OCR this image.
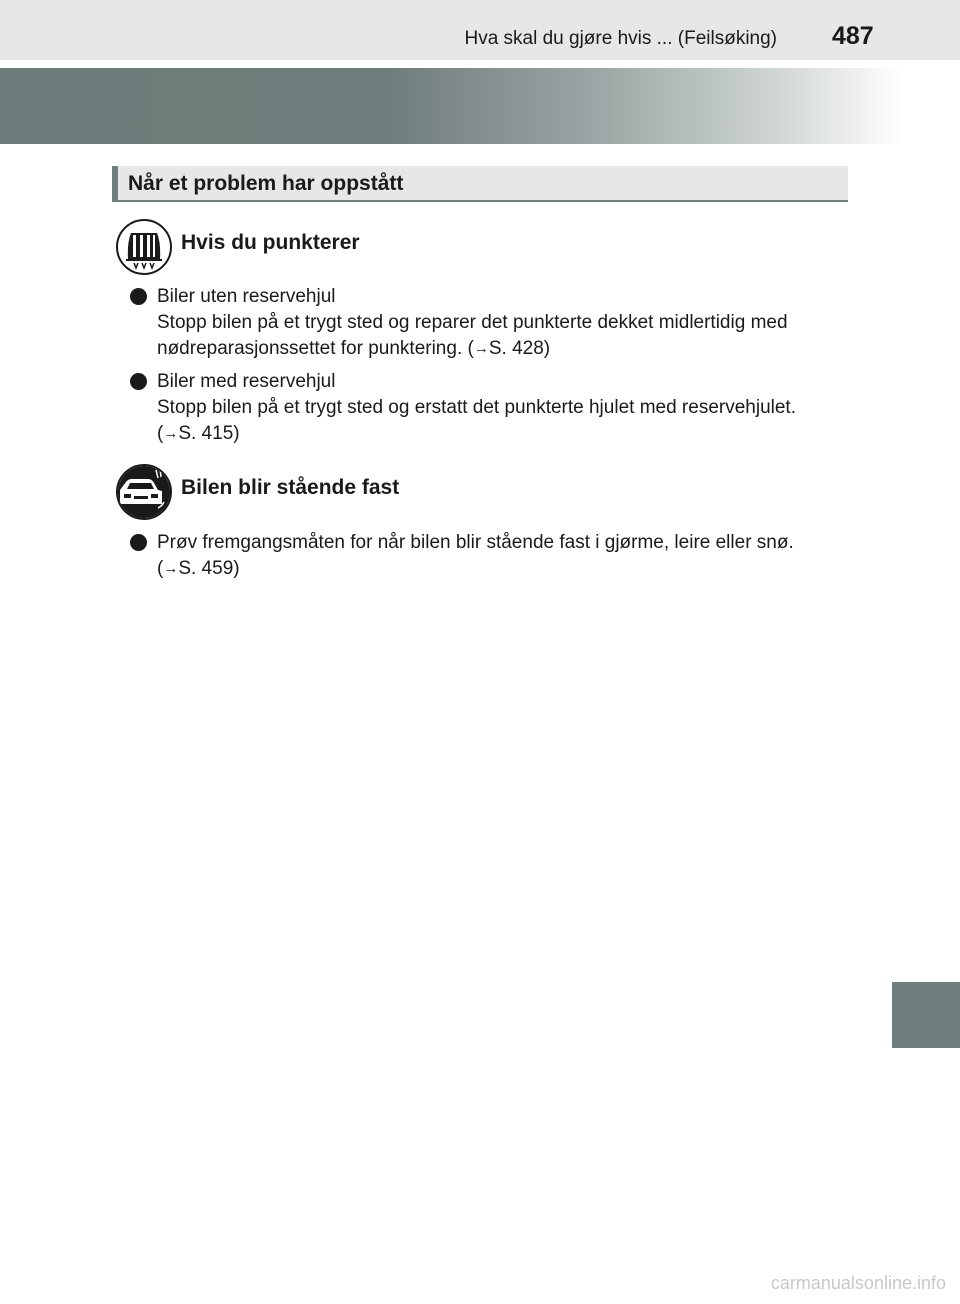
Hva skal du gjøre hvis ... (Feilsøking) 487
Når et problem har oppstått
Hvis du punkterer
Biler uten reservehjul
Stopp bilen på et trygt sted og reparer det punkterte dekket midlertidig med
nødreparasjonssettet for punktering. (→S. 428)
Biler med reservehjul
Stopp bilen på et trygt sted og erstatt det punkterte hjulet med reservehjulet.
(→S. 415)
Bilen blir stående fast
Prøv fremgangsmåten for når bilen blir stående fast i gjørme, leire eller snø.
(→S. 459)
carmanualsonline.info
